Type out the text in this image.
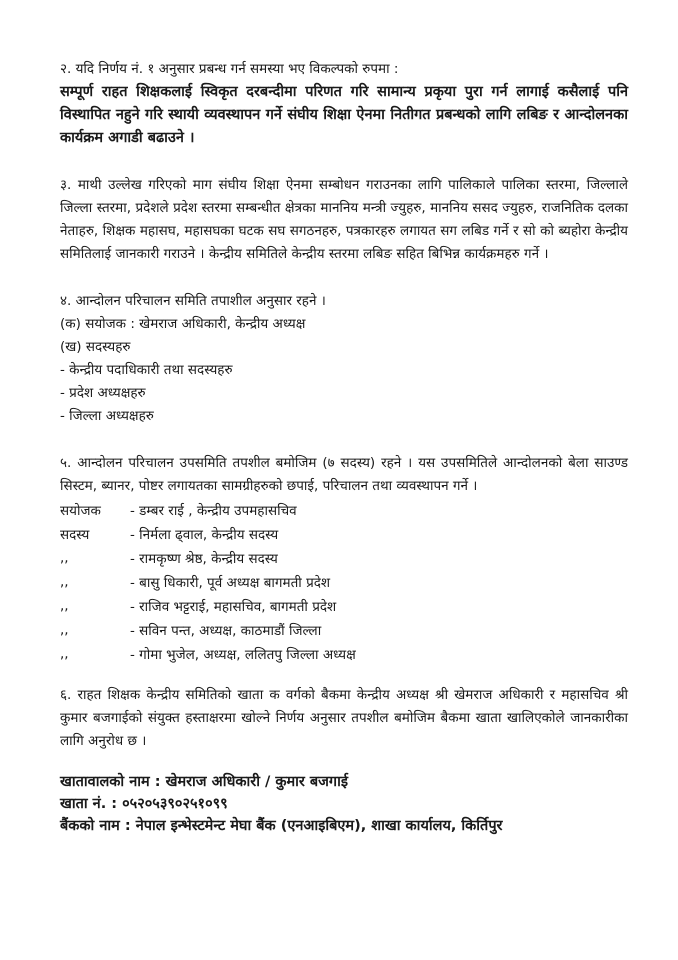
२. यदि निर्णय नं. १ अनुसार प्रबन्ध गर्न समस्या भए विकल्पको रुपमा :

सम्पूर्ण राहत शिक्षकलाई स्विकृत दरबन्दीमा परिणत गरि सामान्य प्रकृया पुरा गर्न लागाई कसैलाई पनि विस्थापित नहुने गरि स्थायी व्यवस्थापन गर्ने संघीय शिक्षा ऐनमा नितीगत प्रबन्धको लागि लबिङ र आन्दोलनका कार्यक्रम अगाडी बढाउने ।

३. माथी उल्लेख गरिएको माग संघीय शिक्षा ऐनमा सम्बोधन गराउनका लागि पालिकाले पालिका स्तरमा, जिल्लाले जिल्ला स्तरमा, प्रदेशले प्रदेश स्तरमा सम्बन्धीत क्षेत्रका माननिय मन्त्री ज्युहरु, माननिय ससद ज्युहरु, राजनितिक दलका नेताहरु, शिक्षक महासघ, महासघका घटक सघ सगठनहरु, पत्रकारहरु लगायत सग लबिड गर्ने र सो को ब्यहोरा केन्द्रीय समितिलाई जानकारी गराउने । केन्द्रीय समितिले केन्द्रीय स्तरमा लबिङ सहित बिभिन्न कार्यक्रमहरु गर्ने ।

४. आन्दोलन परिचालन समिति तपाशील अनुसार रहने ।

(क) सयोजक : खेमराज अधिकारी, केन्द्रीय अध्यक्ष

(ख) सदस्यहरु

- केन्द्रीय पदाधिकारी तथा सदस्यहरु

- प्रदेश अध्यक्षहरु

- जिल्ला अध्यक्षहरु

५. आन्दोलन परिचालन उपसमिति तपशील बमोजिम (७ सदस्य) रहने । यस उपसमितिले आन्दोलनको बेला साउण्ड सिस्टम, ब्यानर, पोष्टर लगायतका सामग्रीहरुको छपाई, परिचालन तथा व्यवस्थापन गर्ने ।

सयोजक	- डम्बर राई , केन्द्रीय उपमहासचिव
सदस्य	- निर्मला ढ्वाल, केन्द्रीय सदस्य
,,	- रामकृष्ण श्रेष्ठ, केन्द्रीय सदस्य
,,	- बासु धिकारी, पूर्व अध्यक्ष बागमती प्रदेश
,,	- राजिव भट्टराई, महासचिव, बागमती प्रदेश
,,	- सविन पन्त, अध्यक्ष, काठमाडौं जिल्ला
,,	- गोमा भुजेल, अध्यक्ष, ललितपु जिल्ला अध्यक्ष

६. राहत शिक्षक केन्द्रीय समितिको खाता क वर्गको बैकमा केन्द्रीय अध्यक्ष श्री खेमराज अधिकारी र महासचिव श्री कुमार बजगाईको संयुक्त हस्ताक्षरमा खोल्ने निर्णय अनुसार तपशील बमोजिम बैकमा खाता खालिएकोले जानकारीका लागि अनुरोध छ ।

खातावालको नाम : खेमराज अधिकारी / कुमार बजगाई

खाता नं. : ०५२०५३९०२५१०९९

बैंकको नाम : नेपाल इन्भेस्टमेन्ट मेघा बैंक (एनआइबिएम), शाखा कार्यालय, किर्तिपुर
